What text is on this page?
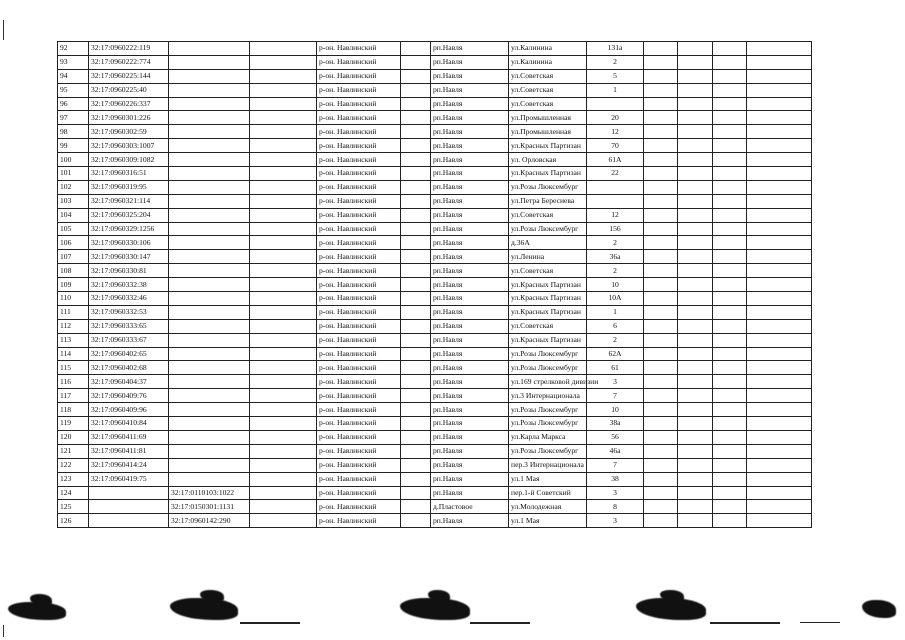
92	32:17:0960222:119			р-он. Навлинский		рп.Навля	ул.Калинина	131а				
93	32:17:0960222:774			р-он. Навлинский		рп.Навля	ул.Калинина	2				
94	32:17:0960225:144			р-он. Навлинский		рп.Навля	ул.Советская	5				
95	32:17:0960225:40			р-он. Навлинский		рп.Навля	ул.Советская	1				
96	32:17:0960226:337			р-он. Навлинский		рп.Навля	ул.Советская					
97	32:17:0960301:226			р-он. Навлинский		рп.Навля	ул.Промышленная	20				
98	32:17:0960302:59			р-он. Навлинский		рп.Навля	ул.Промышленная	12				
99	32:17:0960303:1007			р-он. Навлинский		рп.Навля	ул.Красных Партизан	70				
100	32:17:0960309:1082			р-он. Навлинский		рп.Навля	ул. Орловская	61А				
101	32:17:0960316:51			р-он. Навлинский		рп.Навля	ул.Красных Партизан	22				
102	32:17:0960319:95			р-он. Навлинский		рп.Навля	ул.Розы Люксембург					
103	32:17:0960321:114			р-он. Навлинский		рп.Навля	ул.Петра Бересиева					
104	32:17:0960325:204			р-он. Навлинский		рп.Навля	ул.Советская	12				
105	32:17:0960329:1256			р-он. Навлинский		рп.Навля	ул.Розы Люксембург	156				
106	32:17:0960330:106			р-он. Навлинский		рп.Навля	д.36А	2				
107	32:17:0960330:147			р-он. Навлинский		рп.Навля	ул.Ленина	36а				
108	32:17:0960330:81			р-он. Навлинский		рп.Навля	ул.Советская	2				
109	32:17:0960332:38			р-он. Навлинский		рп.Навля	ул.Красных Партизан	10				
110	32:17:0960332:46			р-он. Навлинский		рп.Навля	ул.Красных Партизан	10А				
111	32:17:0960332:53			р-он. Навлинский		рп.Навля	ул.Красных Партизан	1				
112	32:17:0960333:65			р-он. Навлинский		рп.Навля	ул.Советская	6				
113	32:17:0960333:67			р-он. Навлинский		рп.Навля	ул.Красных Партизан	2				
114	32:17:0960402:65			р-он. Навлинский		рп.Навля	ул.Розы Люксембург	62А				
115	32:17:0960402:68			р-он. Навлинский		рп.Навля	ул.Розы Люксембург	61				
116	32:17:0960404:37			р-он. Навлинский		рп.Навля	ул.169 стрелковой дивизии	3				
117	32:17:0960409:76			р-он. Навлинский		рп.Навля	ул.3 Интернационала	7				
118	32:17:0960409:96			р-он. Навлинский		рп.Навля	ул.Розы Люксембург	10				
119	32:17:0960410:84			р-он. Навлинский		рп.Навля	ул.Розы Люксембург	38а				
120	32:17:0960411:69			р-он. Навлинский		рп.Навля	ул.Карла Маркса	56				
121	32:17:0960411:81			р-он. Навлинский		рп.Навля	ул.Розы Люксембург	46а				
122	32:17:0960414:24			р-он. Навлинский		рп.Навля	пер.3 Интернационала	7				
123	32:17:0960419:75			р-он. Навлинский		рп.Навля	ул.1 Мая	38				
124		32:17:0110103:1022		р-он. Навлинский		рп.Навля	пер.1-й Советский	3				
125		32:17:0150301:1131		р-он. Навлинский		д.Пластовое	ул.Молодежная	8				
126		32:17:0960142:290		р-он. Навлинский		рп.Навля	ул.1 Мая	3				
